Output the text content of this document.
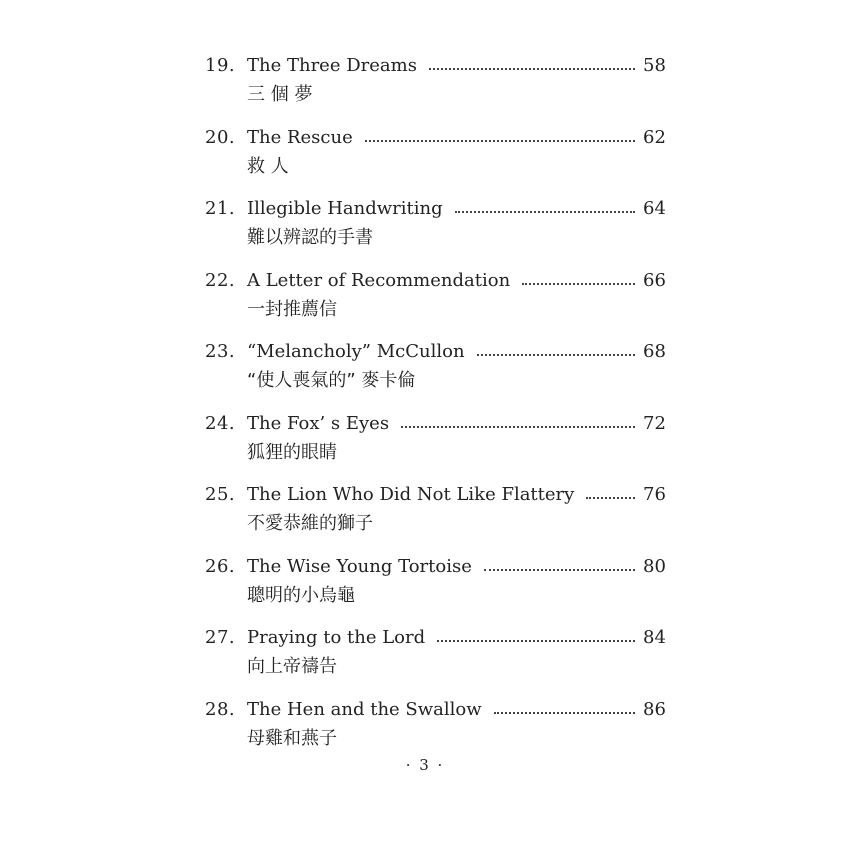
19. The Three Dreams	58
三 個 夢
20. The Rescue	62
救 人
21. Illegible Handwriting	64
難以辨認的手書
22. A Letter of Recommendation	66
一封推薦信
23. “Melancholy” McCullon	68
“使人喪氣的” 麥卡倫
24. The Fox’ s Eyes	72
狐狸的眼睛
25. The Lion Who Did Not Like Flattery	76
不愛恭維的獅子
26. The Wise Young Tortoise	80
聰明的小烏龜
27. Praying to the Lord	84
向上帝禱告
28. The Hen and the Swallow	86
母雞和燕子
· 3 ·
